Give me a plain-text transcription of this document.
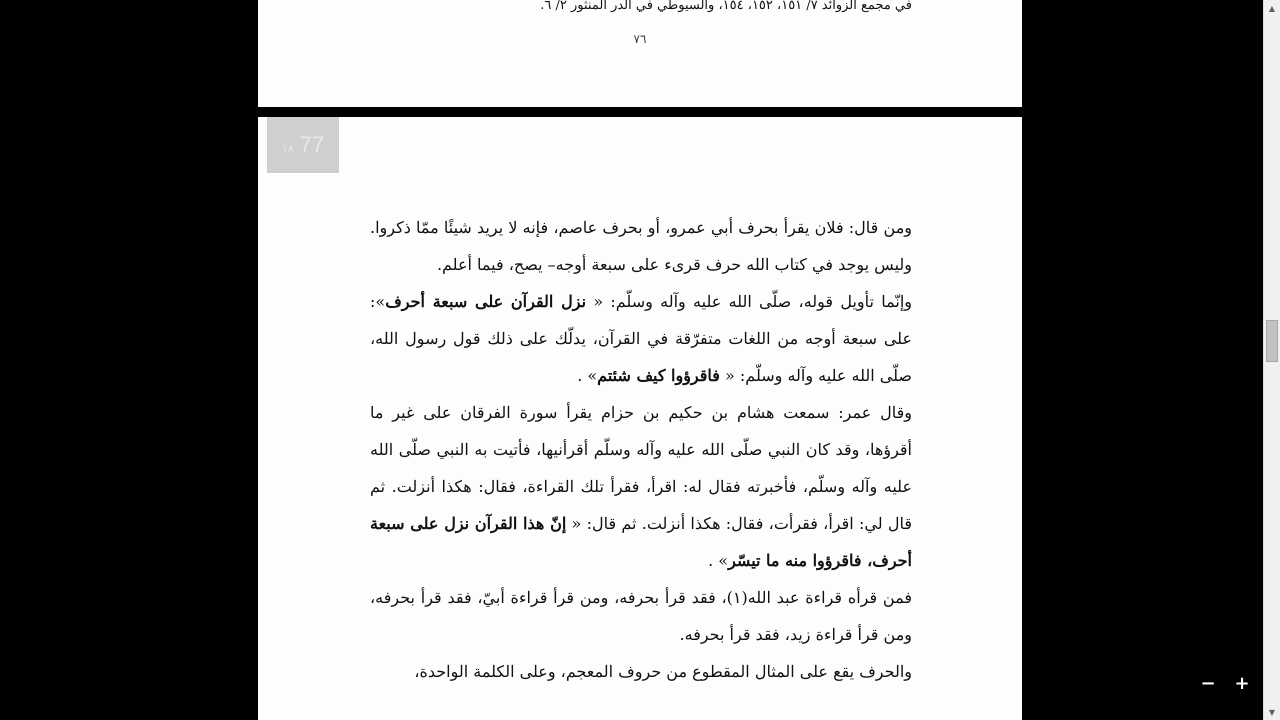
في مجمع الزوائد ٧/ ١٥١، ١٥٢، ١٥٤، والسيوطي في الدر المنثور ٢/ ٦.
٧٦
١٨ 77

ومن قال: فلان يقرأ بحرف أبي عمرو، أو بحرف عاصم، فإنه لا يريد شيئًا ممّا ذكروا. وليس يوجد في كتاب الله حرف قرىء على سبعة أوجه– يصح، فيما أعلم.

وإنّما تأويل قوله، صلّى الله عليه وآله وسلّم: « نزل القرآن على سبعة أحرف»: على سبعة أوجه من اللغات متفرّقة في القرآن، يدلّك على ذلك قول رسول الله، صلّى الله عليه وآله وسلّم: « فاقرؤوا كيف شئتم» .

وقال عمر: سمعت هشام بن حكيم بن حزام يقرأ سورة الفرقان على غير ما أقرؤها، وقد كان النبي صلّى الله عليه وآله وسلّم أقرأنيها، فأتيت به النبي صلّى الله عليه وآله وسلّم، فأخبرته فقال له: اقرأ، فقرأ تلك القراءة، فقال: هكذا أنزلت. ثم قال لي: اقرأ، فقرأت، فقال: هكذا أنزلت. ثم قال: « إنّ هذا القرآن نزل على سبعة أحرف، فاقرؤوا منه ما تيسّر» .

فمن قرأه قراءة عبد الله(١)، فقد قرأ بحرفه، ومن قرأ قراءة أبيّ، فقد قرأ بحرفه، ومن قرأ قراءة زيد، فقد قرأ بحرفه.

والحرف يقع على المثال المقطوع من حروف المعجم، وعلى الكلمة الواحدة،

▲
▼
−	+
